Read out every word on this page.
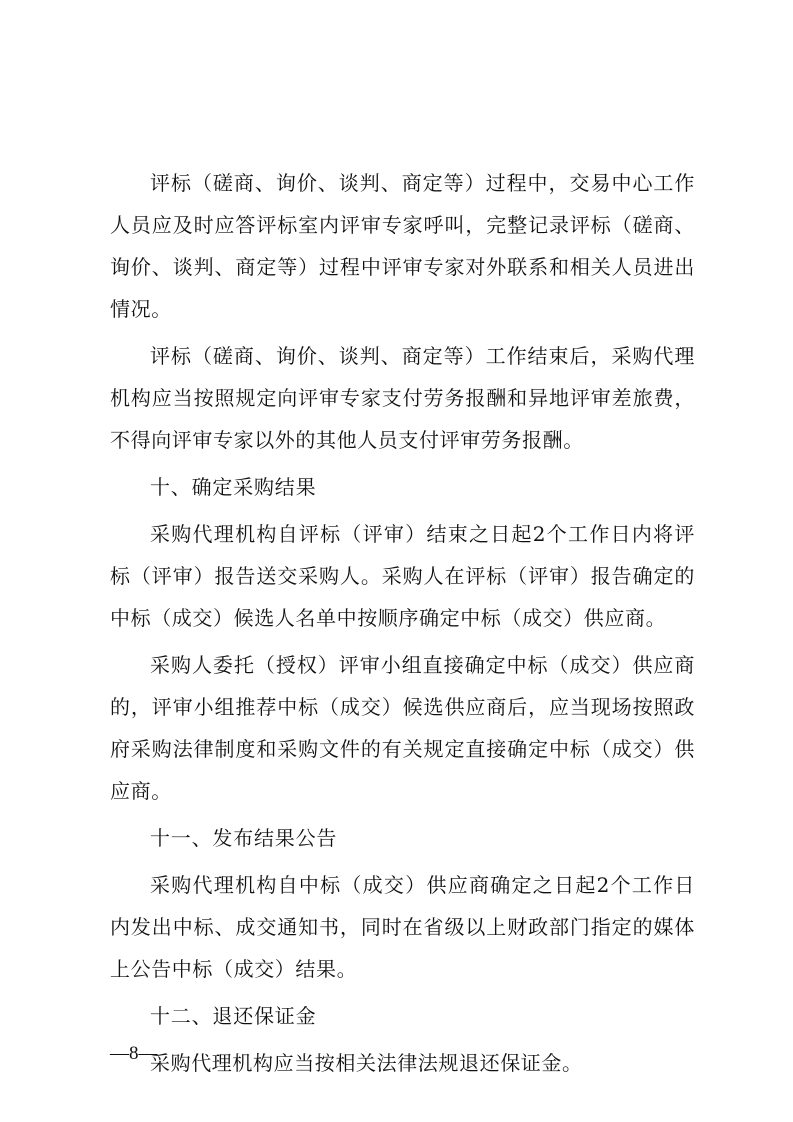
评标（磋商、询价、谈判、商定等）过程中，交易中心工作人员应及时应答评标室内评审专家呼叫，完整记录评标（磋商、询价、谈判、商定等）过程中评审专家对外联系和相关人员进出情况。

评标（磋商、询价、谈判、商定等）工作结束后，采购代理机构应当按照规定向评审专家支付劳务报酬和异地评审差旅费，不得向评审专家以外的其他人员支付评审劳务报酬。

十、确定采购结果

采购代理机构自评标（评审）结束之日起2个工作日内将评标（评审）报告送交采购人。采购人在评标（评审）报告确定的中标（成交）候选人名单中按顺序确定中标（成交）供应商。

采购人委托（授权）评审小组直接确定中标（成交）供应商的，评审小组推荐中标（成交）候选供应商后，应当现场按照政府采购法律制度和采购文件的有关规定直接确定中标（成交）供应商。

十一、发布结果公告

采购代理机构自中标（成交）供应商确定之日起2个工作日内发出中标、成交通知书，同时在省级以上财政部门指定的媒体上公告中标（成交）结果。

十二、退还保证金

采购代理机构应当按相关法律法规退还保证金。

—8—
